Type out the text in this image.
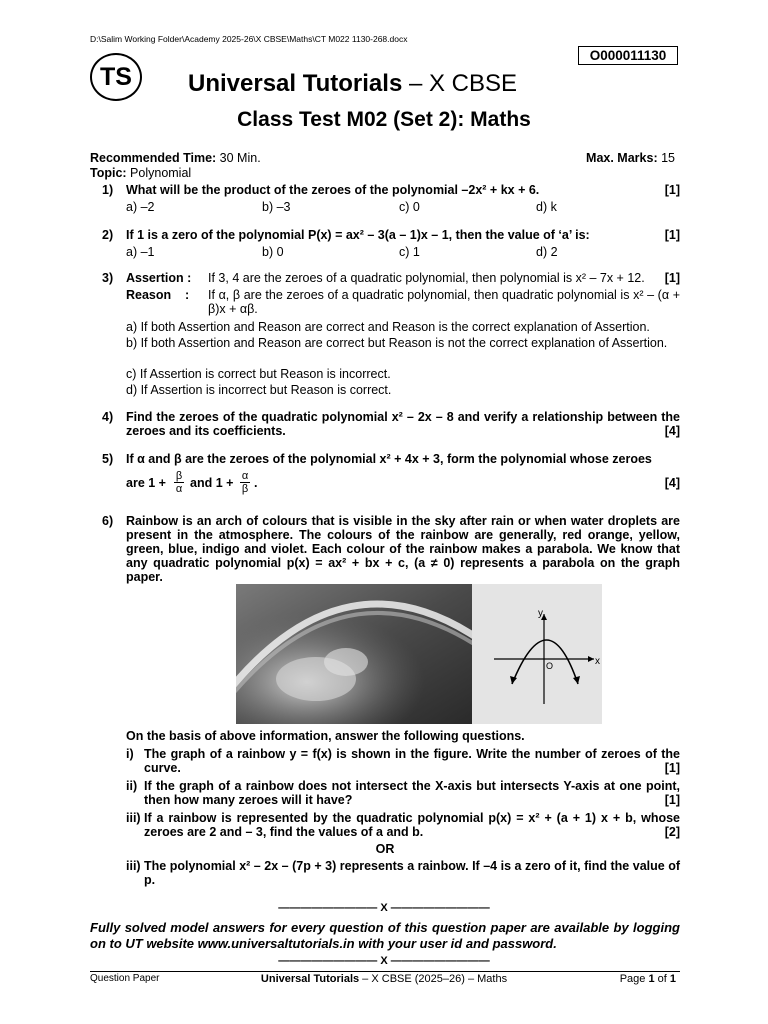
D:\Salim Working Folder\Academy 2025-26\X CBSE\Maths\CT M022 1130-268.docx
O000011130
TS	Universal Tutorials – X CBSE
Class Test M02 (Set 2): Maths
Recommended Time: 30 Min.	Max. Marks: 15
Topic: Polynomial
1) What will be the product of the zeroes of the polynomial –2x² + kx + 6.	[1]
a) –2	b) –3	c) 0	d) k
2) If 1 is a zero of the polynomial P(x) = ax² – 3(a – 1)x – 1, then the value of ‘a’ is:	[1]
a) –1	b) 0	c) 1	d) 2
3) Assertion : If 3, 4 are the zeroes of a quadratic polynomial, then polynomial is x² – 7x + 12.	[1]
Reason    : If α, β are the zeroes of a quadratic polynomial, then quadratic polynomial is x² – (α + β)x + αβ.
a) If both Assertion and Reason are correct and Reason is the correct explanation of Assertion.
b) If both Assertion and Reason are correct but Reason is not the correct explanation of Assertion.
c) If Assertion is correct but Reason is incorrect.
d) If Assertion is incorrect but Reason is correct.
4) Find the zeroes of the quadratic polynomial x² – 2x – 8 and verify a relationship between the zeroes and its coefficients.	[4]
5) If α and β are the zeroes of the polynomial x² + 4x + 3, form the polynomial whose zeroes
are $1 + \frac{\beta}{\alpha}$ and $1 + \frac{\alpha}{\beta}$ .	[4]
6) Rainbow is an arch of colours that is visible in the sky after rain or when water droplets are present in the atmosphere. The colours of the rainbow are generally, red orange, yellow, green, blue, indigo and violet. Each colour of the rainbow makes a parabola. We know that any quadratic polynomial p(x) = ax² + bx + c, (a ≠ 0) represents a parabola on the graph paper.
y
x
O
On the basis of above information, answer the following questions.
i) The graph of a rainbow y = f(x) is shown in the figure. Write the number of zeroes of the curve.	[1]
ii) If the graph of a rainbow does not intersect the X-axis but intersects Y-axis at one point, then how many zeroes will it have?	[1]
iii) If a rainbow is represented by the quadratic polynomial p(x) = x² + (a + 1) x + b, whose zeroes are 2 and – 3, find the values of a and b.	[2]
OR
iii) The polynomial x² – 2x – (7p + 3) represents a rainbow. If –4 is a zero of it, find the value of p.
————————— X —————————
Fully solved model answers for every question of this question paper are available by logging on to UT website www.universaltutorials.in with your user id and password.
————————— X —————————
Question Paper	Universal Tutorials – X CBSE (2025–26) – Maths	Page 1 of 1
